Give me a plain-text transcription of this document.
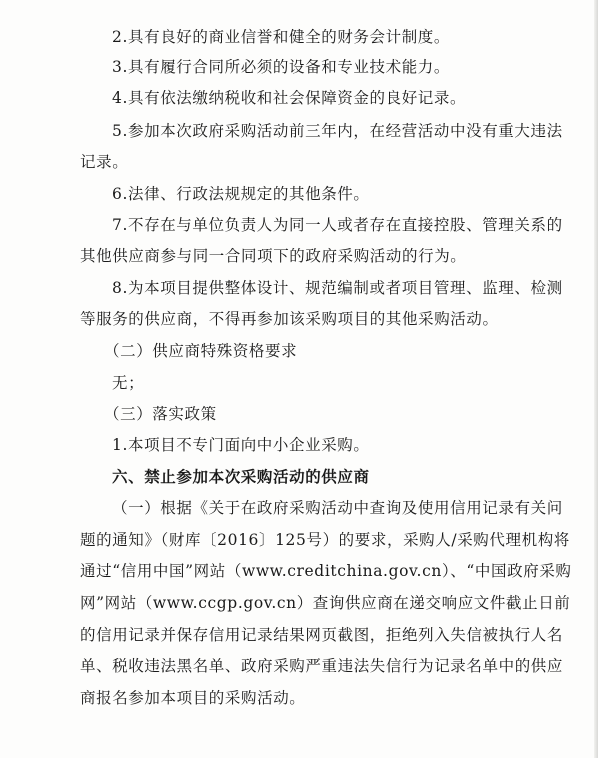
2.具有良好的商业信誉和健全的财务会计制度。
3.具有履行合同所必须的设备和专业技术能力。
4.具有依法缴纳税收和社会保障资金的良好记录。
5.参加本次政府采购活动前三年内，在经营活动中没有重大违法
记录。
6.法律、行政法规规定的其他条件。
7.不存在与单位负责人为同一人或者存在直接控股、管理关系的
其他供应商参与同一合同项下的政府采购活动的行为。
8.为本项目提供整体设计、规范编制或者项目管理、监理、检测
等服务的供应商，不得再参加该采购项目的其他采购活动。
（二）供应商特殊资格要求
无；
（三）落实政策
1.本项目不专门面向中小企业采购。
六、禁止参加本次采购活动的供应商
（一）根据《关于在政府采购活动中查询及使用信用记录有关问
题的通知》（财库〔2016〕125号）的要求，采购人/采购代理机构将
通过“信用中国”网站（www.creditchina.gov.cn）、“中国政府采购
网”网站（www.ccgp.gov.cn）查询供应商在递交响应文件截止日前
的信用记录并保存信用记录结果网页截图，拒绝列入失信被执行人名
单、税收违法黑名单、政府采购严重违法失信行为记录名单中的供应
商报名参加本项目的采购活动。
